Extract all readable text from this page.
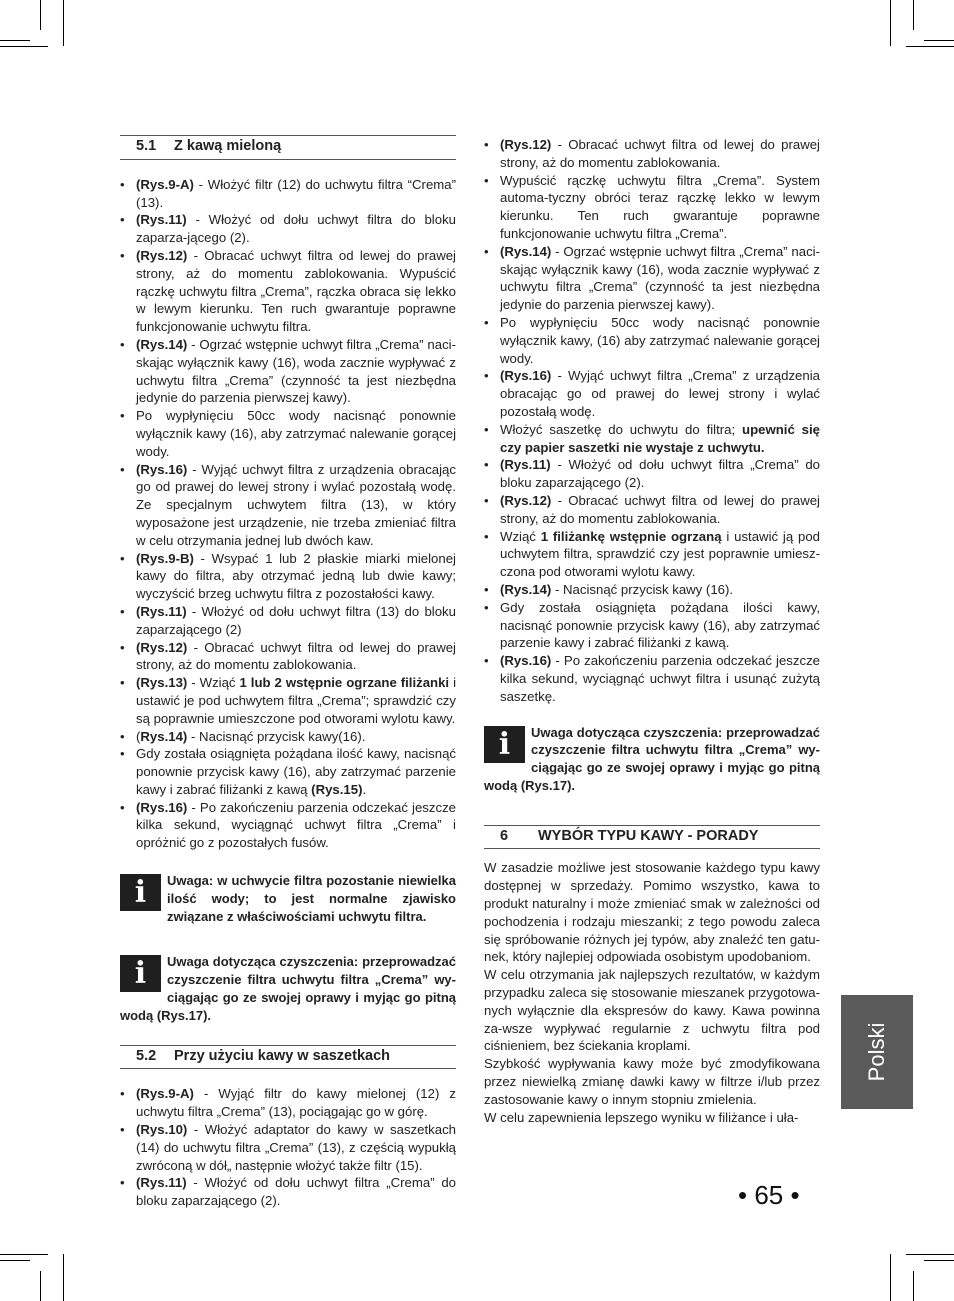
5.1 Z kawą mieloną
• (Rys.9-A) - Włożyć filtr (12) do uchwytu filtra “Crema” (13).
• (Rys.11) - Włożyć od dołu uchwyt filtra do bloku zaparza-jącego (2).
• (Rys.12) - Obracać uchwyt filtra od lewej do prawej strony, aż do momentu zablokowania. Wypuścić rączkę uchwytu filtra „Crema”, rączka obraca się lekko w lewym kierunku. Ten ruch gwarantuje poprawne funkcjonowanie uchwytu filtra.
• (Rys.14) - Ogrzać wstępnie uchwyt filtra „Crema” naci-skając wyłącznik kawy (16), woda zacznie wypływać z uchwytu filtra „Crema” (czynność ta jest niezbędna jedynie do parzenia pierwszej kawy).
• Po wypłynięciu 50cc wody nacisnąć ponownie wyłącznik kawy (16), aby zatrzymać nalewanie gorącej wody.
• (Rys.16) - Wyjąć uchwyt filtra z urządzenia obracając go od prawej do lewej strony i wylać pozostałą wodę. Ze specjalnym uchwytem filtra (13), w który wyposażone jest urządzenie, nie trzeba zmieniać filtra w celu otrzymania jednej lub dwóch kaw.
• (Rys.9-B) - Wsypać 1 lub 2 płaskie miarki mielonej kawy do filtra, aby otrzymać jedną lub dwie kawy; wyczyścić brzeg uchwytu filtra z pozostałości kawy.
• (Rys.11) - Włożyć od dołu uchwyt filtra (13) do bloku zaparzającego (2)
• (Rys.12) - Obracać uchwyt filtra od lewej do prawej strony, aż do momentu zablokowania.
• (Rys.13) - Wziąć 1 lub 2 wstępnie ogrzane filiżanki i ustawić je pod uchwytem filtra „Crema”; sprawdzić czy są poprawnie umieszczone pod otworami wylotu kawy.
• (Rys.14) - Nacisnąć przycisk kawy(16).
• Gdy została osiągnięta pożądana ilość kawy, nacisnąć ponownie przycisk kawy (16), aby zatrzymać parzenie kawy i zabrać filiżanki z kawą (Rys.15).
• (Rys.16) - Po zakończeniu parzenia odczekać jeszcze kilka sekund, wyciągnąć uchwyt filtra „Crema” i opróżnić go z pozostałych fusów.
i	Uwaga: w uchwycie filtra pozostanie niewielka ilość wody; to jest normalne zjawisko związane z właściwościami uchwytu filtra.
i	Uwaga dotycząca czyszczenia: przeprowadzać czyszczenie filtra uchwytu filtra „Crema” wy-ciągając go ze swojej oprawy i myjąc go pitną wodą (Rys.17).
5.2 Przy użyciu kawy w saszetkach
• (Rys.9-A) - Wyjąć filtr do kawy mielonej (12) z uchwytu filtra „Crema” (13), pociągając go w górę.
• (Rys.10) - Włożyć adaptator do kawy w saszetkach (14) do uchwytu filtra „Crema” (13), z częścią wypukłą zwróconą w dół„ następnie włożyć także filtr (15).
• (Rys.11) - Włożyć od dołu uchwyt filtra „Crema” do bloku zaparzającego (2).
• (Rys.12) - Obracać uchwyt filtra od lewej do prawej strony, aż do momentu zablokowania.
• Wypuścić rączkę uchwytu filtra „Crema”. System automa-tyczny obróci teraz rączkę lekko w lewym kierunku. Ten ruch gwarantuje poprawne funkcjonowanie uchwytu filtra „Crema”.
• (Rys.14) - Ogrzać wstępnie uchwyt filtra „Crema” naci-skając wyłącznik kawy (16), woda zacznie wypływać z uchwytu filtra „Crema” (czynność ta jest niezbędna jedynie do parzenia pierwszej kawy).
• Po wypłynięciu 50cc wody nacisnąć ponownie wyłącznik kawy, (16) aby zatrzymać nalewanie gorącej wody.
• (Rys.16) - Wyjąć uchwyt filtra „Crema” z urządzenia obracając go od prawej do lewej strony i wylać pozostałą wodę.
• Włożyć saszetkę do uchwytu do filtra; upewnić się czy papier saszetki nie wystaje z uchwytu.
• (Rys.11) - Włożyć od dołu uchwyt filtra „Crema” do bloku zaparzającego (2).
• (Rys.12) - Obracać uchwyt filtra od lewej do prawej strony, aż do momentu zablokowania.
• Wziąć 1 filiżankę wstępnie ogrzaną i ustawić ją pod uchwytem filtra, sprawdzić czy jest poprawnie umiesz-czona pod otworami wylotu kawy.
• (Rys.14) - Nacisnąć przycisk kawy (16).
• Gdy została osiągnięta pożądana ilości kawy, nacisnąć ponownie przycisk kawy (16), aby zatrzymać parzenie kawy i zabrać filiżanki z kawą.
• (Rys.16) - Po zakończeniu parzenia odczekać jeszcze kilka sekund, wyciągnąć uchwyt filtra i usunąć zużytą saszetkę.
i	Uwaga dotycząca czyszczenia: przeprowadzać czyszczenie filtra uchwytu filtra „Crema” wy-ciągając go ze swojej oprawy i myjąc go pitną wodą (Rys.17).
6 WYBÓR TYPU KAWY - PORADY
W zasadzie możliwe jest stosowanie każdego typu kawy dostępnej w sprzedaży. Pomimo wszystko, kawa to produkt naturalny i może zmieniać smak w zależności od pochodzenia i rodzaju mieszanki; z tego powodu zaleca się spróbowanie różnych jej typów, aby znaleźć ten gatu-nek, który najlepiej odpowiada osobistym upodobaniom.
W celu otrzymania jak najlepszych rezultatów, w każdym przypadku zaleca się stosowanie mieszanek przygotowa-nych wyłącznie dla ekspresów do kawy. Kawa powinna za-wsze wypływać regularnie z uchwytu filtra pod ciśnieniem, bez ściekania kroplami.
Szybkość wypływania kawy może być zmodyfikowana przez niewielką zmianę dawki kawy w filtrze i/lub przez zastosowanie kawy o innym stopniu zmielenia.
W celu zapewnienia lepszego wyniku w filiżance i uła-
Polski
• 65 •
